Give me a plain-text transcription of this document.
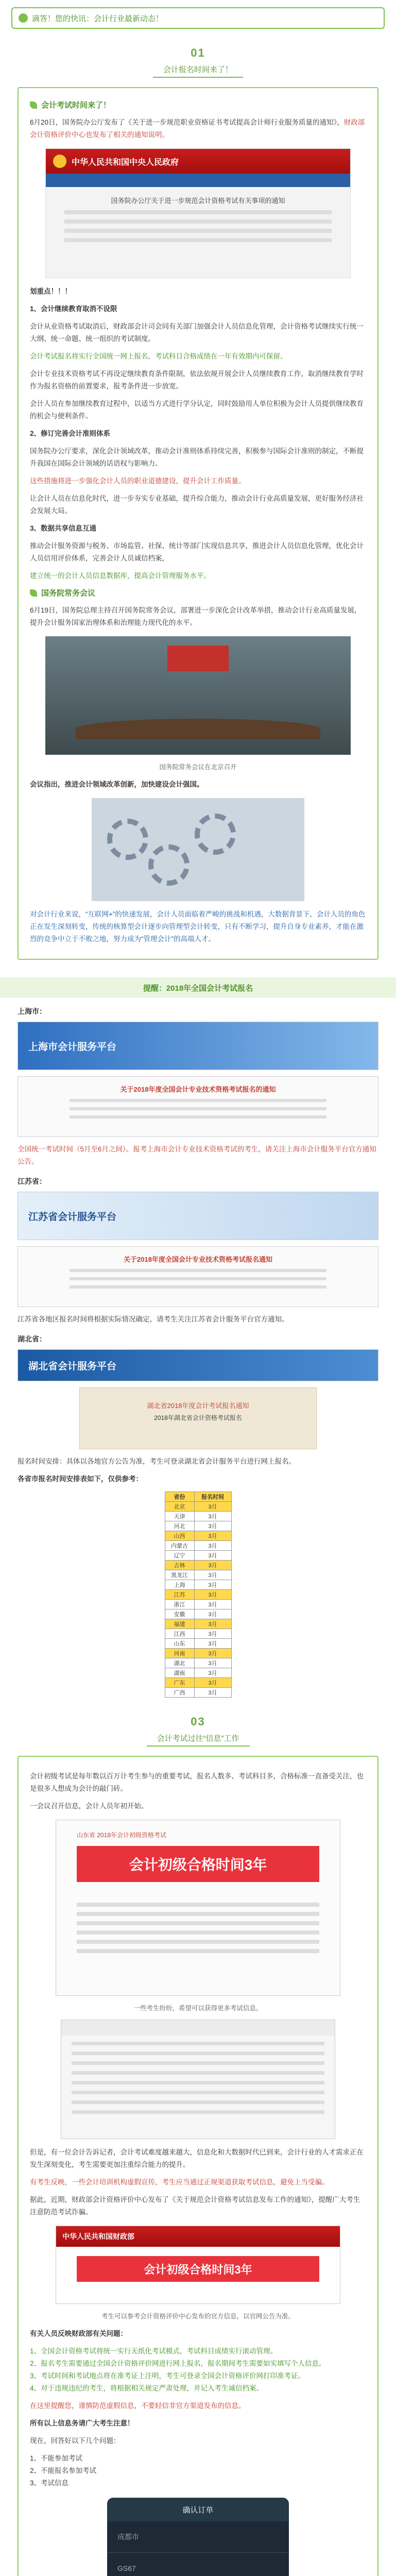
滴答！您的快讯：会计行业最新动态！
01
会计报名时间来了！
会计考试时间来了！

6月20日，国务院办公厅发布了《关于进一步规范职业资格证书考试提高会计师行业服务质量的通知》，财政部会计资格评价中心也发布了相关的通知说明。

中华人民共和国中央人民政府
国务院办公厅关于进一步规范会计资格考试有关事项的通知

划重点！！！

1、会计继续教育取消不设限

会计从业资格考试取消后，财政部会计司会同有关部门加强会计人员信息化管理，会计资格考试继续实行统一大纲、统一命题、统一组织的考试制度。

会计考试报名将实行全国统一网上报名，考试科目合格成绩在一年有效期内可保留。

会计专业技术资格考试不再设定继续教育条件限制，依法依规开展会计人员继续教育工作，取消继续教育学时作为报名资格的前置要求，报考条件进一步放宽。

会计人员在参加继续教育过程中，以适当方式进行学分认定，同时鼓励用人单位积极为会计人员提供继续教育的机会与便利条件。

2、修订完善会计准则体系

国务院办公厅要求，深化会计领域改革，推动会计准则体系持续完善，积极参与国际会计准则的制定，不断提升我国在国际会计领域的话语权与影响力。

这些措施将进一步强化会计人员的职业道德建设，提升会计工作质量。

让会计人员在信息化时代，进一步夯实专业基础，提升综合能力，推动会计行业高质量发展，更好服务经济社会发展大局。

3、数据共享信息互通

推动会计服务资源与税务、市场监管、社保、统计等部门实现信息共享，推进会计人员信息化管理，优化会计人员信用评价体系，完善会计人员诚信档案，

建立统一的会计人员信息数据库，提高会计管理服务水平。

国务院常务会议

6月19日，国务院总理主持召开国务院常务会议，部署进一步深化会计改革举措，推动会计行业高质量发展，提升会计服务国家治理体系和治理能力现代化的水平。

国务院常务会议在北京召开

会议指出，推进会计领域改革创新，加快建设会计强国。

对会计行业来说，“互联网+”的快速发展，会计人员面临着严峻的挑战和机遇，大数据背景下，会计人员的角色正在发生深刻转变，传统的核算型会计逐步向管理型会计转变，只有不断学习，提升自身专业素养，才能在激烈的竞争中立于不败之地，努力成为“管理会计”的高端人才。

提醒：2018年全国会计考试报名
上海市：
上海市会计服务平台
关于2018年度全国会计专业技术资格考试报名的通知

全国统一考试时间（5月至6月之间）。报考上海市会计专业技术资格考试的考生，请关注上海市会计服务平台官方通知公告。

江苏省：
江苏省会计服务平台
关于2018年度全国会计专业技术资格考试报名通知

江苏省各地区报名时间将根据实际情况确定，请考生关注江苏省会计服务平台官方通知。

湖北省：
湖北省会计服务平台
湖北省2018年度会计考试报名通知
2018年湖北省会计资格考试报名

报名时间安排：具体以各地官方公告为准，考生可登录湖北省会计服务平台进行网上报名。

各省市报名时间安排表如下，仅供参考：

省份	报名时间
北京	3月
天津	3月
河北	3月
山西	3月
内蒙古	3月
辽宁	3月
吉林	3月
黑龙江	3月
上海	3月
江苏	3月
浙江	3月
安徽	3月
福建	3月
江西	3月
山东	3月
河南	3月
湖北	3月
湖南	3月
广东	3月
广西	3月
03
会计考试过往“信息”工作

会计初级考试是每年数以百万计考生参与的重要考试，报名人数多、考试科目多，合格标准一直备受关注，也是很多人想成为会计的敲门砖。

一会议召开信息，会计人员年初开始。

山东省 2018年会计初级资格考试
会计初级合格时间3年
一些考生纷纷，希望可以获得更多考试信息。

但是，有一位会计告诉记者，会计考试难度越来越大，信息化和大数据时代已到来，会计行业的人才需求正在发生深刻变化，考生需要更加注重综合能力的提升。

有考生反映，一些会计培训机构虚假宣传，考生应当通过正规渠道获取考试信息，避免上当受骗。

据此，近期，财政部会计资格评价中心发布了《关于规范会计资格考试信息发布工作的通知》，提醒广大考生注意防范考试诈骗。

中华人民共和国财政部
会计初级合格时间3年
考生可以参考会计资格评价中心发布的官方信息，以官网公告为准。

有关人员反映财政部有关问题：

1、全国会计资格考试将统一实行无纸化考试模式，考试科目成绩实行滚动管理。
2、报名考生需要通过全国会计资格评价网进行网上报名，报名期间考生需要如实填写个人信息。
3、考试时间和考试地点将在准考证上注明，考生可登录全国会计资格评价网打印准考证。
4、对于违规违纪的考生，将根据相关规定严肃处理，并记入考生诚信档案。

在这里提醒您，谨慎防范虚假信息，不要轻信非官方渠道发布的信息。

所有以上信息务请广大考生注意！

现在，回答好以下几个问题：

1、不能参加考试
2、不能报名参加考试
3、考试信息
确认订单
成都市
GS67
